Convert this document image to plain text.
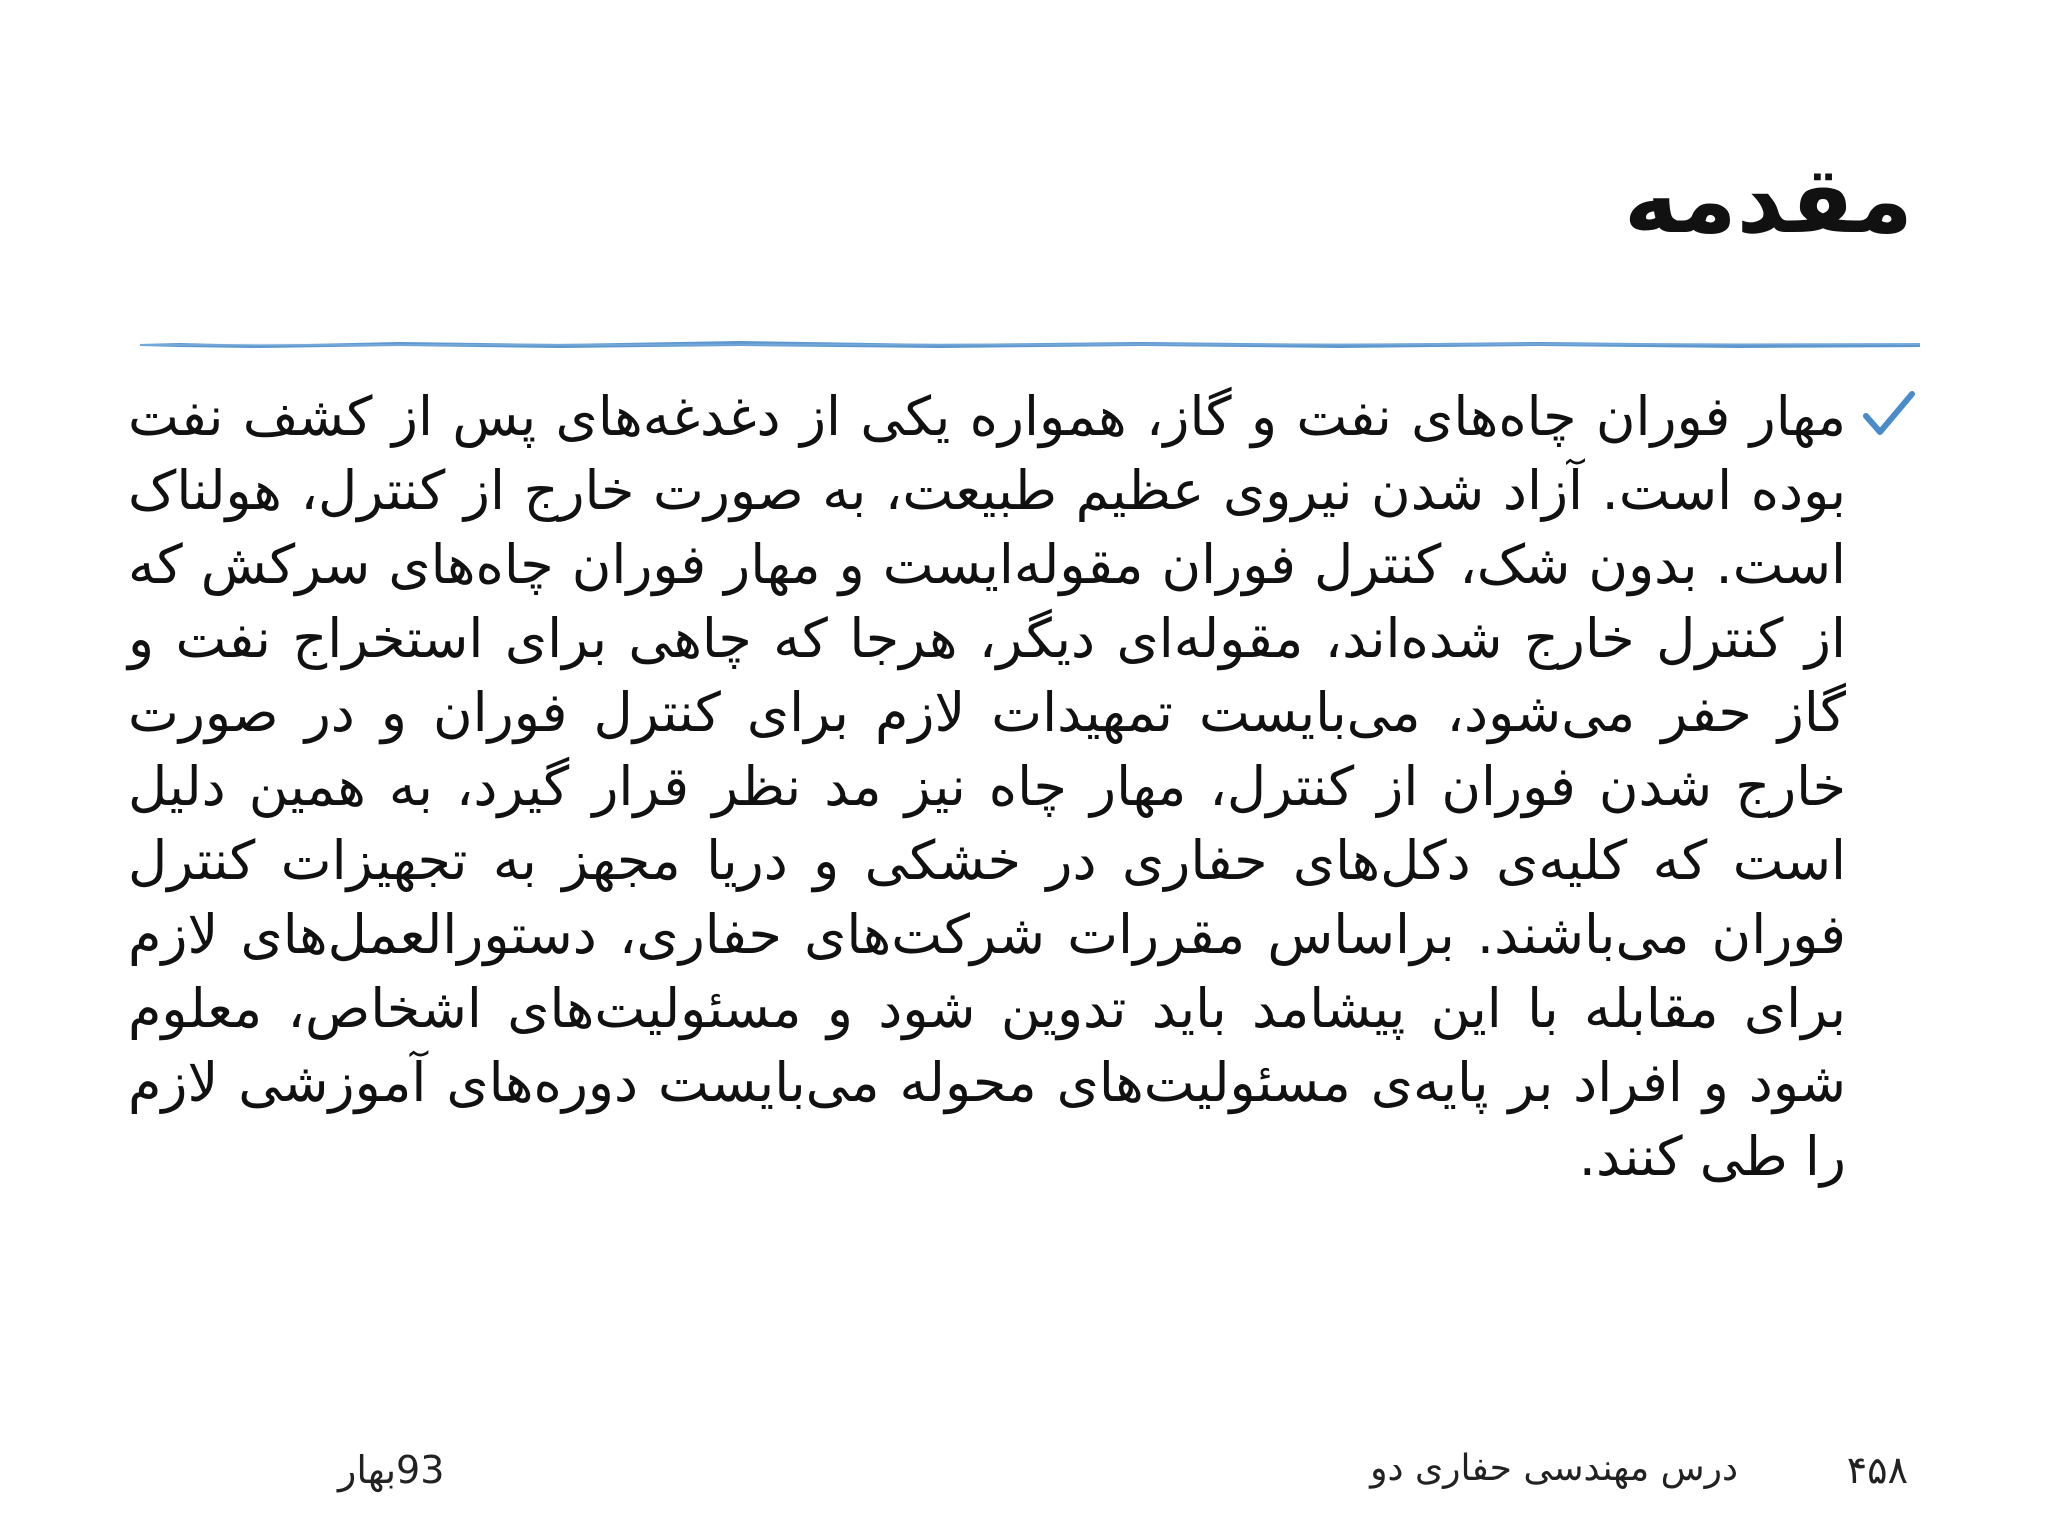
مقدمه

مهار فوران چاه‌های نفت و گاز، همواره یکی از دغدغه‌های پس از کشف نفت بوده است. آزاد شدن نیروی عظیم طبیعت، به صورت خارج از کنترل، هولناک است. بدون شک، کنترل فوران مقوله‌ایست و مهار فوران چاه‌های سرکش که از کنترل خارج شده‌اند، مقوله‌ای دیگر، هرجا که چاهی برای استخراج نفت و گاز حفر می‌شود، می‌بایست تمهیدات لازم برای کنترل فوران و در صورت خارج شدن فوران از کنترل، مهار چاه نیز مد نظر قرار گیرد، به همین دلیل است که کلیه‌ی دکل‌های حفاری در خشکی و دریا مجهز به تجهیزات کنترل فوران می‌باشند. براساس مقررات شرکت‌های حفاری، دستورالعمل‌های لازم برای مقابله با این پیشامد باید تدوین شود و مسئولیت‌های اشخاص، معلوم شود و افراد بر پایه‌ی مسئولیت‌های محوله می‌بایست دوره‌های آموزشی لازم را طی کنند.

۴۵۸
درس مهندسی حفاری دو
93بهار
